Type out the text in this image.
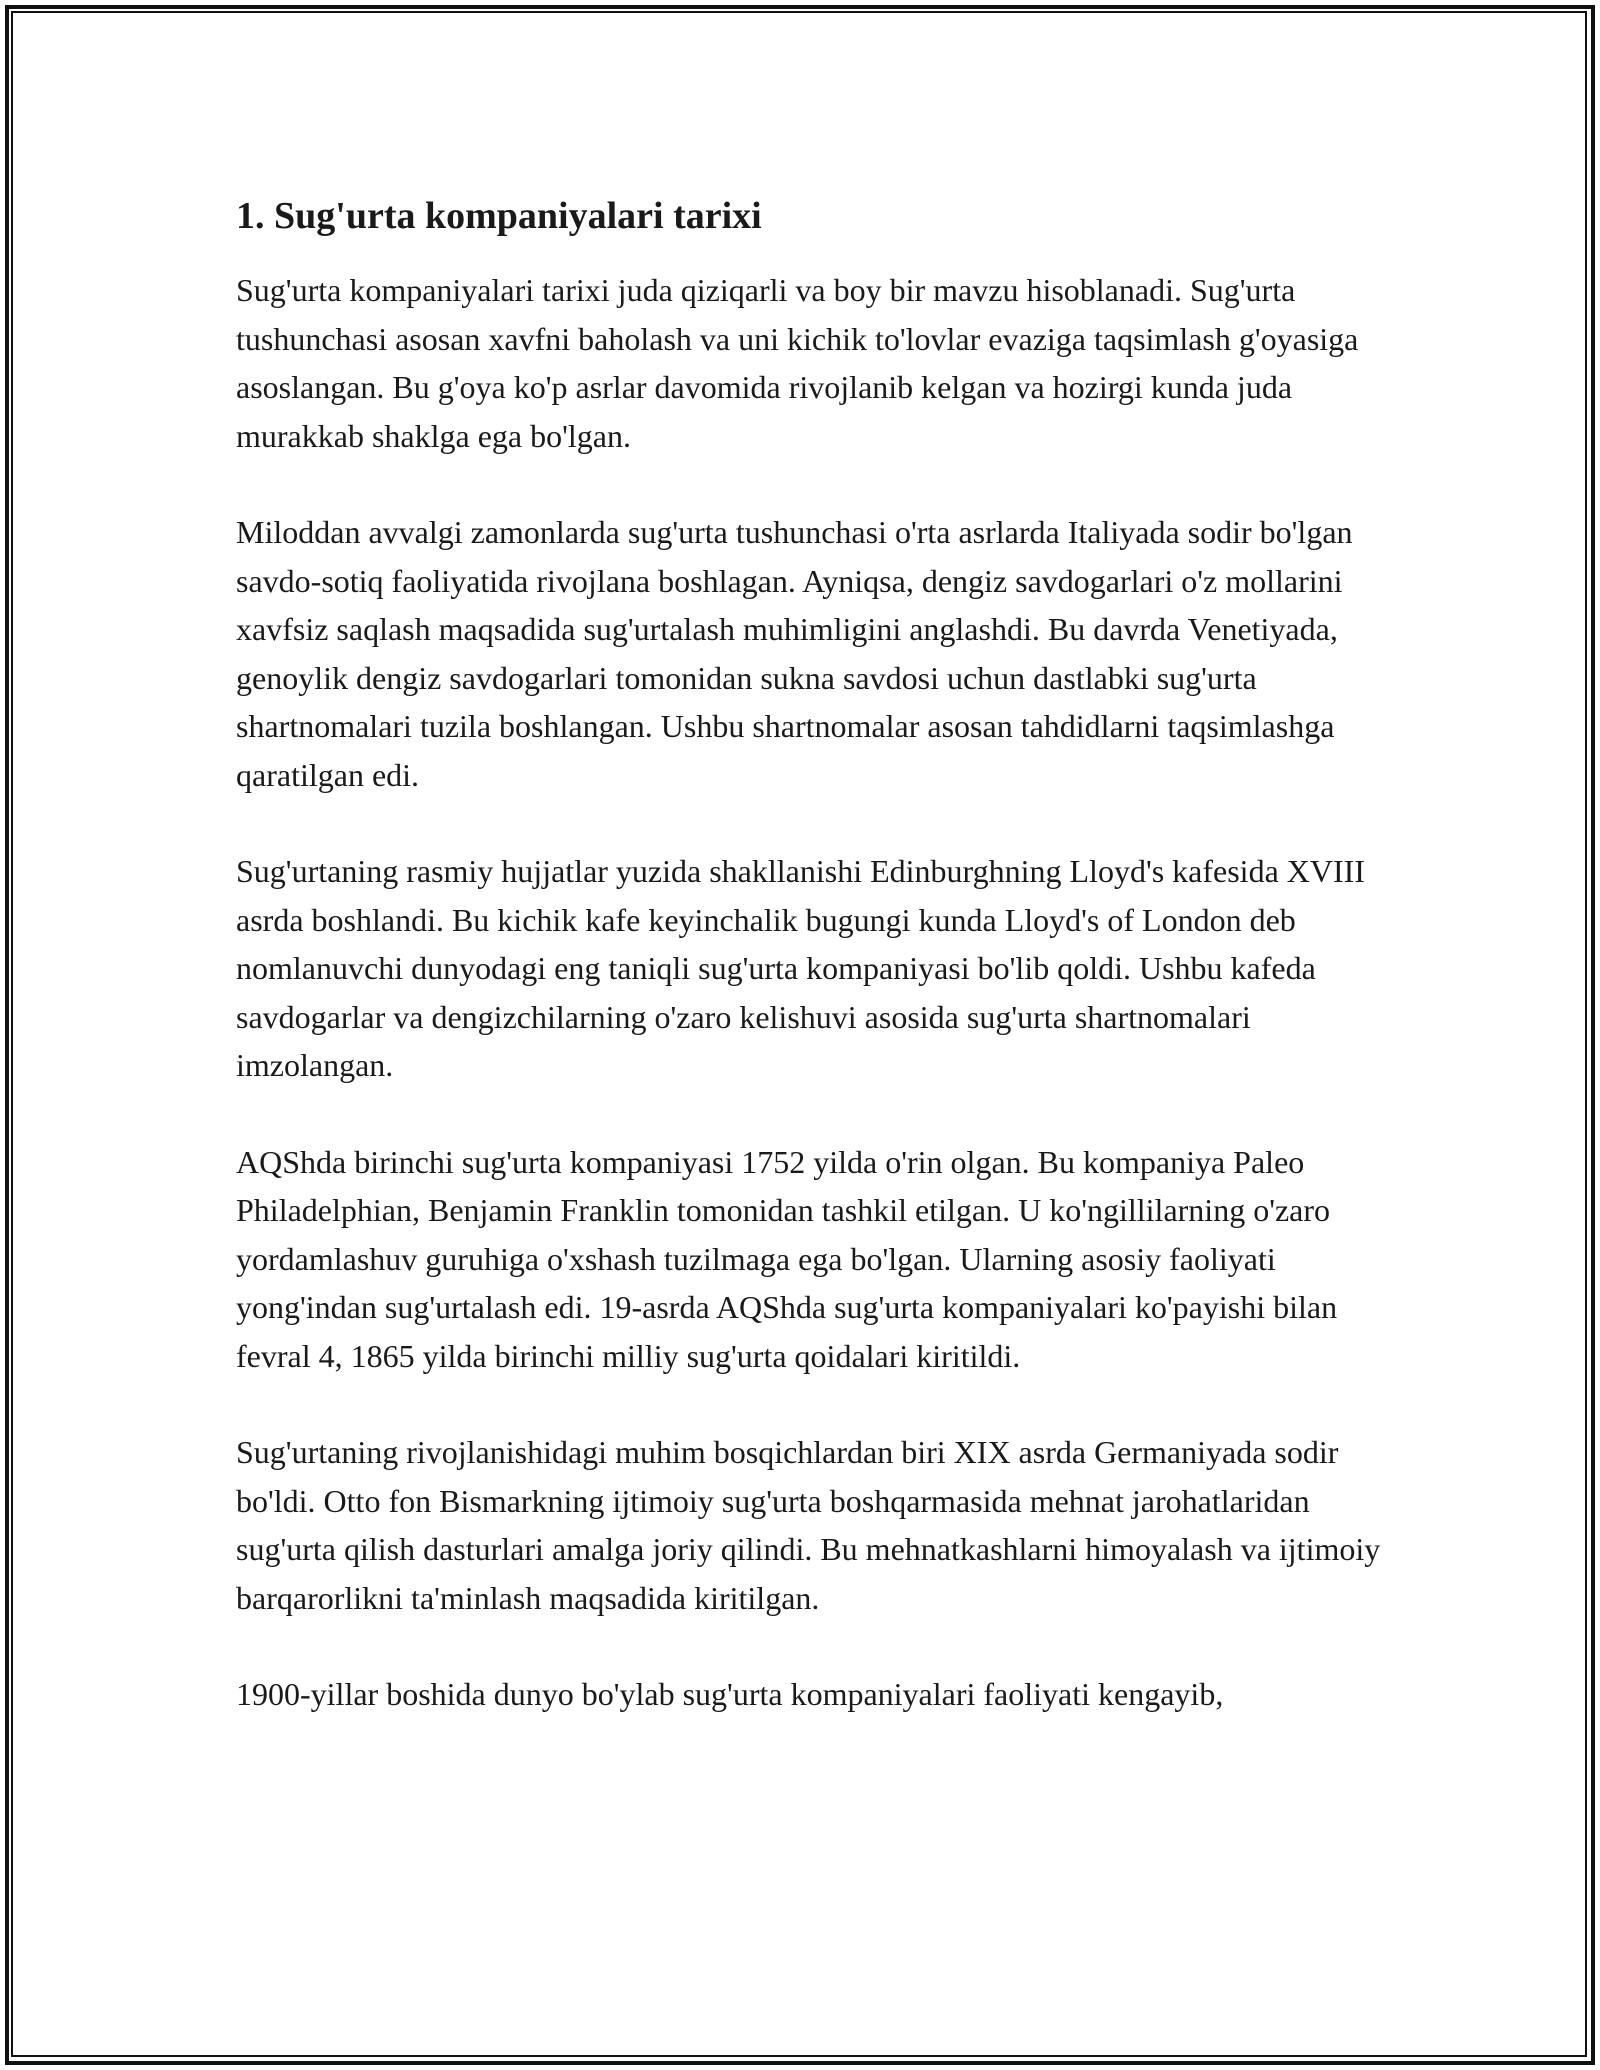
1. Sug'urta kompaniyalari tarixi

Sug'urta kompaniyalari tarixi juda qiziqarli va boy bir mavzu hisoblanadi. Sug'urta tushunchasi asosan xavfni baholash va uni kichik to'lovlar evaziga taqsimlash g'oyasiga asoslangan. Bu g'oya ko'p asrlar davomida rivojlanib kelgan va hozirgi kunda juda murakkab shaklga ega bo'lgan.

Miloddan avvalgi zamonlarda sug'urta tushunchasi o'rta asrlarda Italiyada sodir bo'lgan savdo-sotiq faoliyatida rivojlana boshlagan. Ayniqsa, dengiz savdogarlari o'z mollarini xavfsiz saqlash maqsadida sug'urtalash muhimligini anglashdi. Bu davrda Venetiyada, genoylik dengiz savdogarlari tomonidan sukna savdosi uchun dastlabki sug'urta shartnomalari tuzila boshlangan. Ushbu shartnomalar asosan tahdidlarni taqsimlashga qaratilgan edi.

Sug'urtaning rasmiy hujjatlar yuzida shakllanishi Edinburghning Lloyd's kafesida XVIII asrda boshlandi. Bu kichik kafe keyinchalik bugungi kunda Lloyd's of London deb nomlanuvchi dunyodagi eng taniqli sug'urta kompaniyasi bo'lib qoldi. Ushbu kafeda savdogarlar va dengizchilarning o'zaro kelishuvi asosida sug'urta shartnomalari imzolangan.

AQShda birinchi sug'urta kompaniyasi 1752 yilda o'rin olgan. Bu kompaniya Paleo Philadelphian, Benjamin Franklin tomonidan tashkil etilgan. U ko'ngillilarning o'zaro yordamlashuv guruhiga o'xshash tuzilmaga ega bo'lgan. Ularning asosiy faoliyati yong'indan sug'urtalash edi. 19-asrda AQShda sug'urta kompaniyalari ko'payishi bilan fevral 4, 1865 yilda birinchi milliy sug'urta qoidalari kiritildi.

Sug'urtaning rivojlanishidagi muhim bosqichlardan biri XIX asrda Germaniyada sodir bo'ldi. Otto fon Bismarkning ijtimoiy sug'urta boshqarmasida mehnat jarohatlaridan sug'urta qilish dasturlari amalga joriy qilindi. Bu mehnatkashlarni himoyalash va ijtimoiy barqarorlikni ta'minlash maqsadida kiritilgan.

1900-yillar boshida dunyo bo'ylab sug'urta kompaniyalari faoliyati kengayib,
